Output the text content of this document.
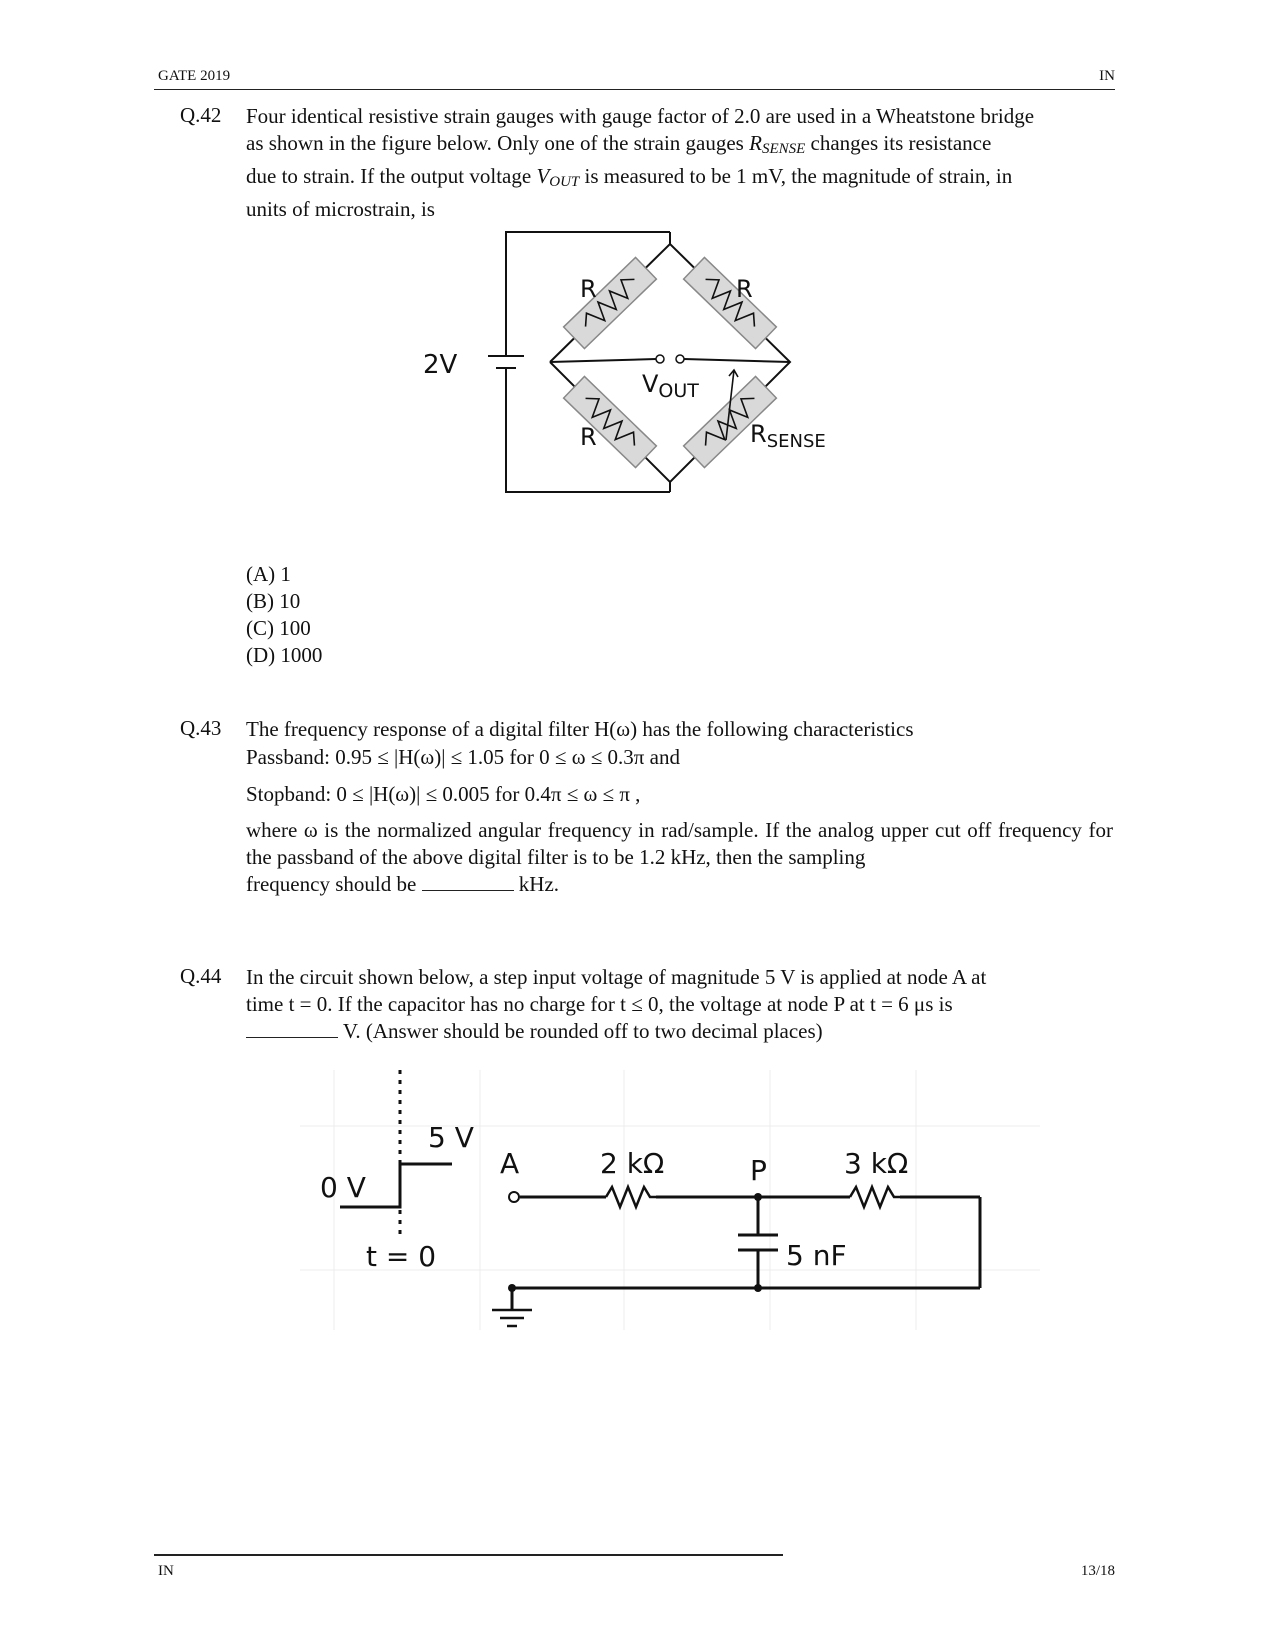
GATE 2019	IN
Q.42 Four identical resistive strain gauges with gauge factor of 2.0 are used in a Wheatstone bridge
as shown in the figure below. Only one of the strain gauges RSENSE changes its resistance
due to strain. If the output voltage VOUT is measured to be 1 mV, the magnitude of strain, in
units of microstrain, is
2V
R	R
R
$V_{OUT}$
$R_{SENSE}$
(A) 1
(B) 10
(C) 100
(D) 1000
Q.43 The frequency response of a digital filter H(ω) has the following characteristics
Passband: 0.95 ≤ |H(ω)| ≤ 1.05 for 0 ≤ ω ≤ 0.3π and
Stopband: 0 ≤ |H(ω)| ≤ 0.005 for 0.4π ≤ ω ≤ π ,
where ω is the normalized angular frequency in rad/sample. If the analog upper cut off frequency for the passband of the above digital filter is to be 1.2 kHz, then the sampling
frequency should be	kHz.
Q.44 In the circuit shown below, a step input voltage of magnitude 5 V is applied at node A at
time t = 0. If the capacitor has no charge for t ≤ 0, the voltage at node P at t = 6 μs is
V. (Answer should be rounded off to two decimal places)
5 V
0 V
t = 0
A	2 kΩ	P	3 kΩ
5 nF
IN	13/18
